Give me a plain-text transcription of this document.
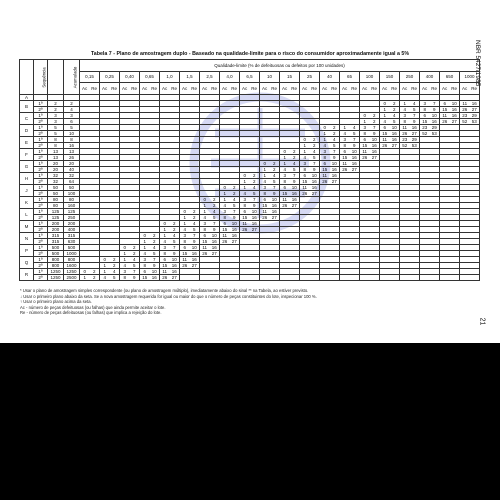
NBR 5427/1985
21
Tabela 7 - Plano de amostragem duplo - Baseado na qualidade-limite para o risco do consumidor aproximadamente igual a 5%
	Sequência		Acumulado	Qualidade-limite (% de defeituosas ou defeitos por 100 unidades)																			
				0,15	0,25	0,40	0,65	1,0	1,5	2,5	4,0	6,5	10	15	25	40	65	100	150	250	400	650	1000

				Ac Re	Ac Re	Ac Re	Ac Re	Ac Re	Ac Re	Ac Re	Ac Re	Ac Re	Ac Re	Ac Re	Ac Re	Ac Re	Ac Re	Ac Re	Ac Re	Ac Re	Ac Re	Ac Re	Ac Re

A																							
B	1ª	2	2																0 2	1 4	3 7	6 10	11 16

	2ª	2	4																1 2	4 5	8 9	15 16	26 27

C	1ª	3	3															0 2	1 4	3 7	6 10	11 16	23 29

	2ª	3	6															1 2	4 5	8 9	15 16	26 27	52 53

D	1ª	5	5													0 2	1 4	3 7	6 10	11 16	23 29		

	2ª	5	10													1 2	4 5	8 9	15 16	26 27	52 53		

E	1ª	8	8												0 2	1 4	3 7	6 10	11 16	23 29			

	2ª	8	16												1 2	4 5	8 9	15 16	26 27	52 53			

F	1ª	13	13											0 2	1 4	3 7	6 10	11 16					

	2ª	13	26											1 2	4 5	8 9	15 16	26 27					

G	1ª	20	20										0 2	1 4	3 7	6 10	11 16						

	2ª	20	40										1 2	4 5	8 9	15 16	26 27						

H	1ª	32	32									0 2	1 4	3 7	6 10	11 16							

	2ª	32	64									1 2	4 5	8 9	15 16	26 27							

J	1ª	50	50								0 2	1 4	3 7	6 10	11 16								

	2ª	50	100								1 2	4 5	8 9	15 16	26 27								

K	1ª	80	80							0 2	1 4	3 7	6 10	11 16									

	2ª	80	160							1 2	4 5	8 9	15 16	26 27									

L	1ª	125	125						0 2	1 4	3 7	6 10	11 16										

	2ª	125	250						1 2	4 5	8 9	15 16	26 27										

M	1ª	200	200					0 2	1 4	3 7	6 10	11 16											

	2ª	200	400					1 2	4 5	8 9	15 16	26 27											

N	1ª	315	315				0 2	1 4	3 7	6 10	11 16												

	2ª	315	630				1 2	4 5	8 9	15 16	26 27												

P	1ª	500	500			0 2	1 4	3 7	6 10	11 16													

	2ª	500	1000			1 2	4 5	8 9	15 16	26 27													

Q	1ª	800	800		0 2	1 4	3 7	6 10	11 16														

	2ª	800	1600		1 2	4 5	8 9	15 16	26 27														

R	1ª	1250	1250	0 2	1 4	3 7	6 10	11 16															

	2ª	1250	2500	1 2	4 5	8 9	15 16	26 27															

* Usar o plano de amostragem simples correspondente (ou plano de amostragem múltiplo), imediatamente abaixo do sinal ** na Tabela, ao estiver previsto.
↓ Usar o primeiro plano abaixo da seta. Se a nova amostragem requerida for igual ou maior do que o número de peças constituintes do lote, inspecionar 100 %.
↑ Usar o primeiro plano acima da seta.
Ac - número de peças defeituosas (ou falhas) que ainda permite aceitar o lote.
Re - número de peças defeituosas (ou falhas) que implica a rejeição do lote.
